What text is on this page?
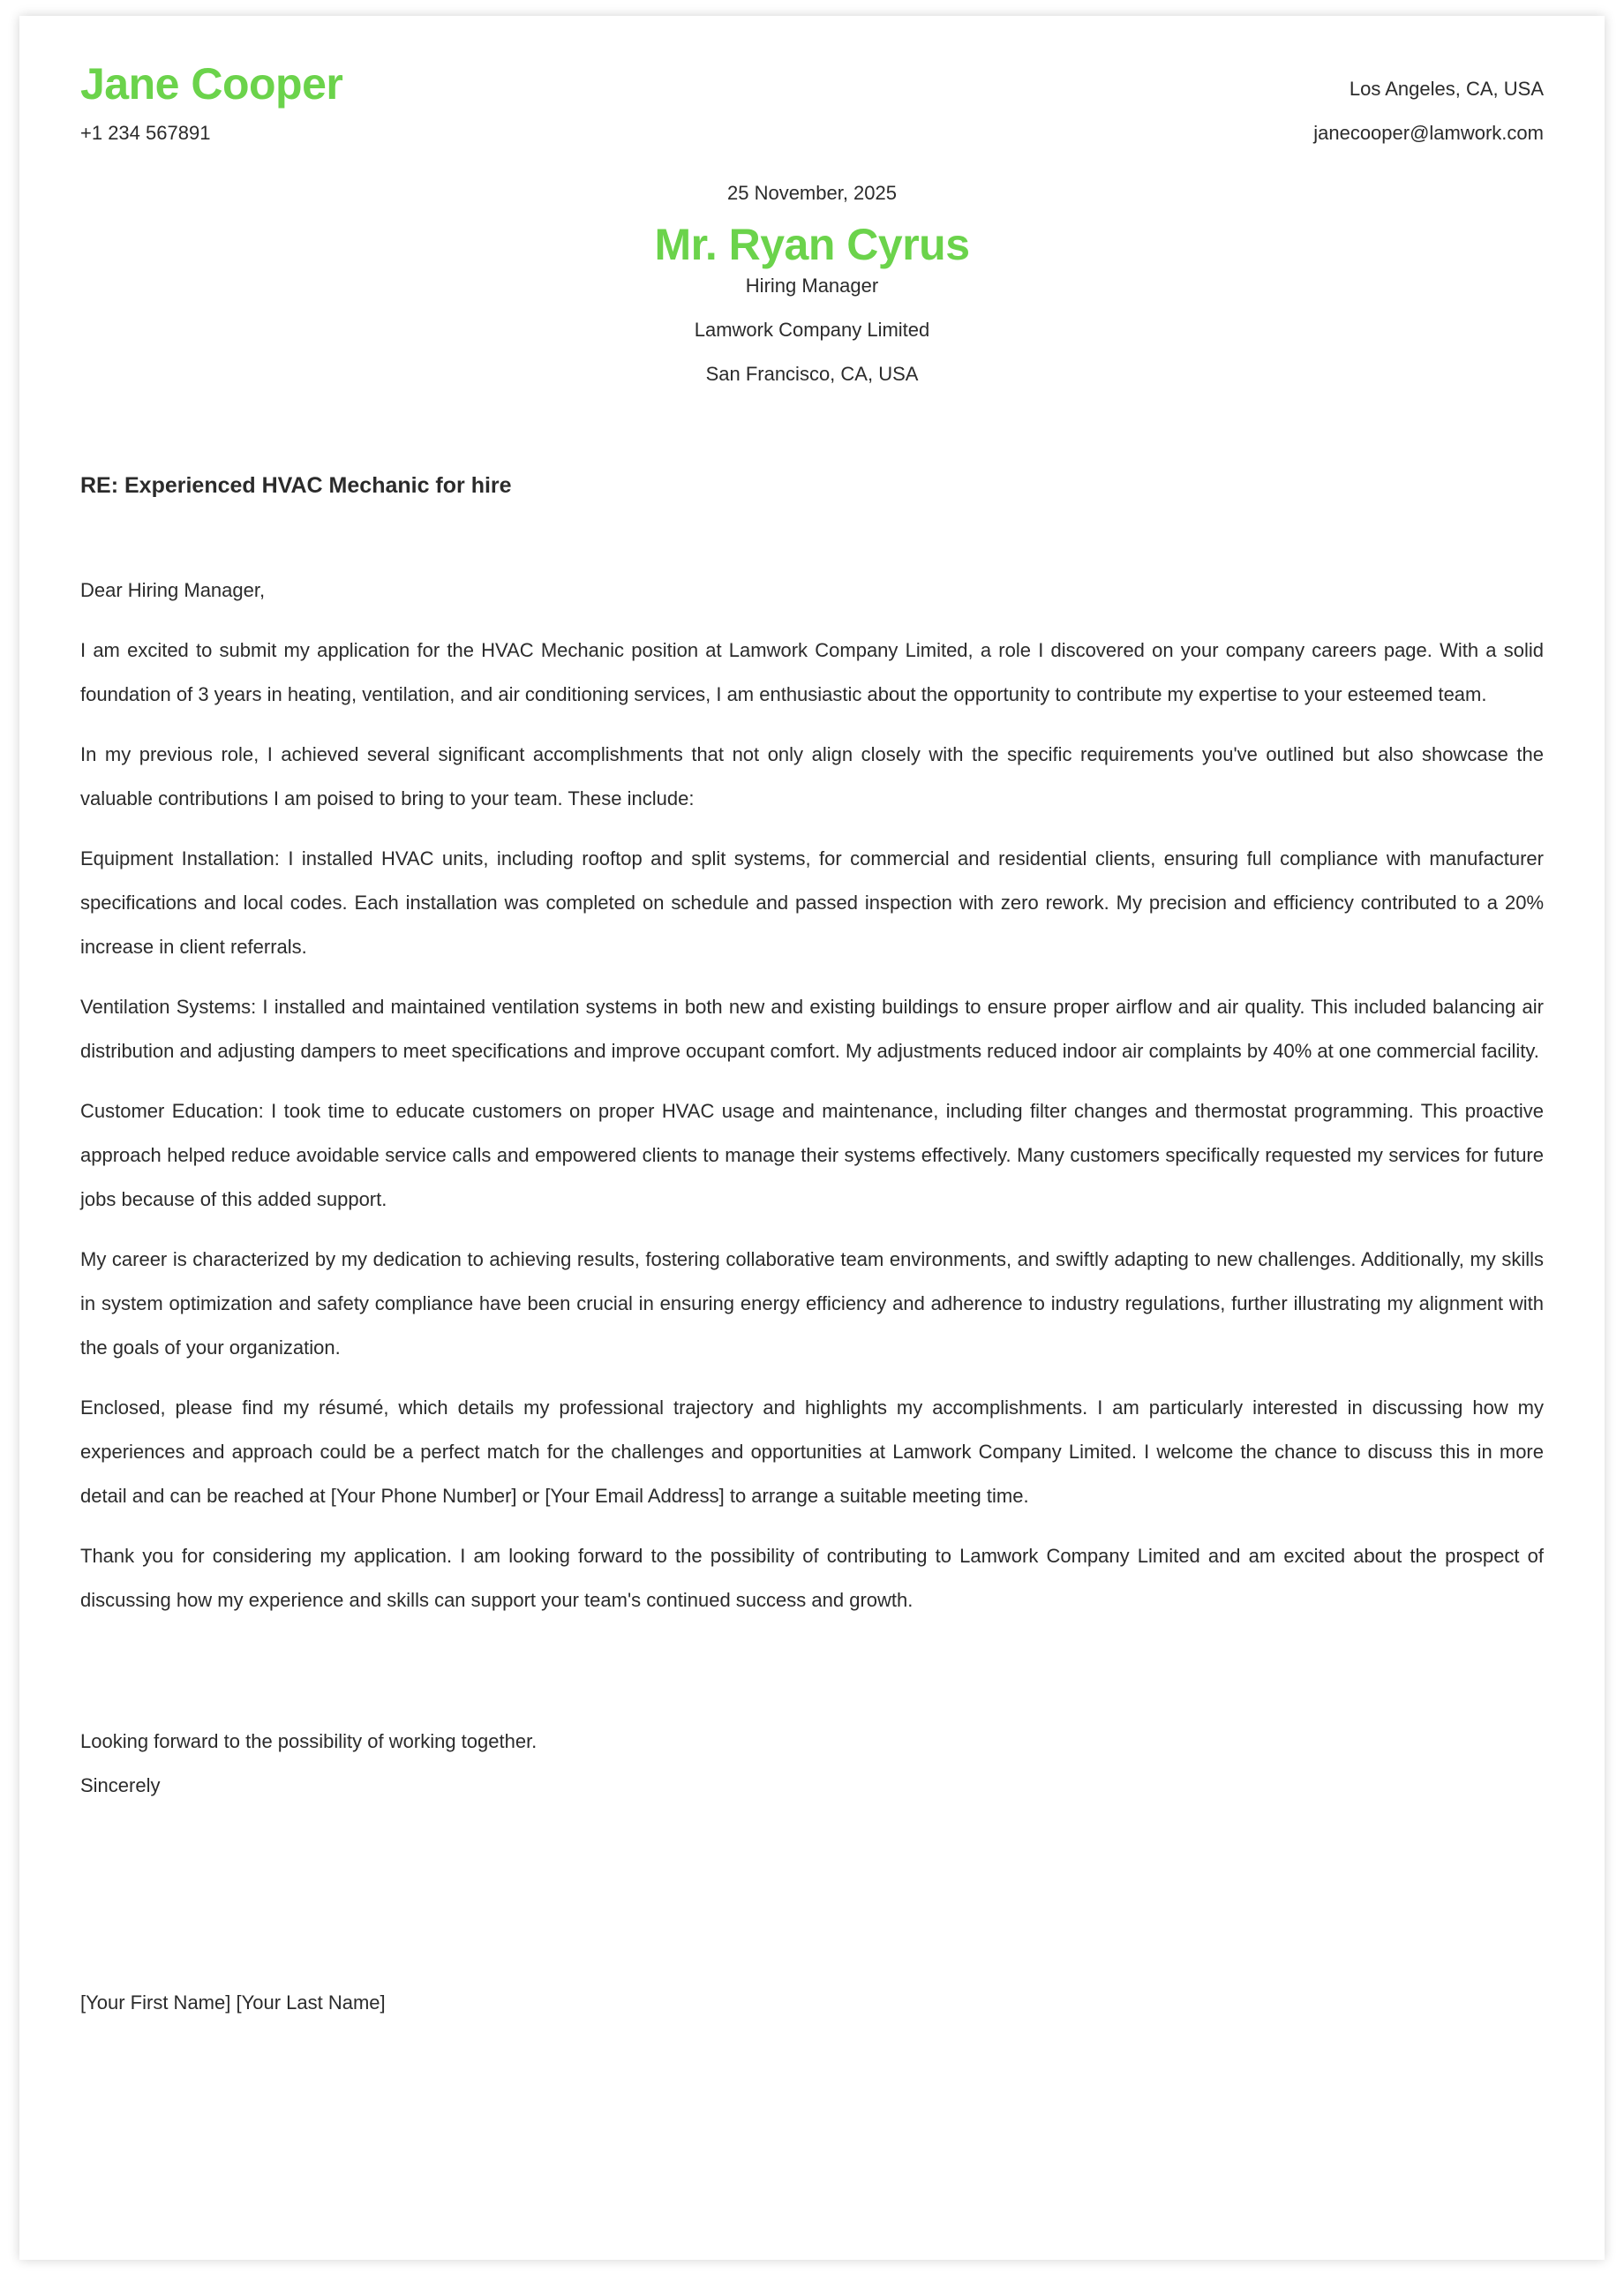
Jane Cooper
+1 234 567891
Los Angeles, CA, USA
janecooper@lamwork.com
25 November, 2025
Mr. Ryan Cyrus
Hiring Manager
Lamwork Company Limited
San Francisco, CA, USA
RE: Experienced HVAC Mechanic for hire

Dear Hiring Manager,

I am excited to submit my application for the HVAC Mechanic position at Lamwork Company Limited, a role I discovered on your company careers page. With a solid foundation of 3 years in heating, ventilation, and air conditioning services, I am enthusiastic about the opportunity to contribute my expertise to your esteemed team.

In my previous role, I achieved several significant accomplishments that not only align closely with the specific requirements you've outlined but also showcase the valuable contributions I am poised to bring to your team. These include:

Equipment Installation: I installed HVAC units, including rooftop and split systems, for commercial and residential clients, ensuring full compliance with manufacturer specifications and local codes. Each installation was completed on schedule and passed inspection with zero rework. My precision and efficiency contributed to a 20% increase in client referrals.

Ventilation Systems: I installed and maintained ventilation systems in both new and existing buildings to ensure proper airflow and air quality. This included balancing air distribution and adjusting dampers to meet specifications and improve occupant comfort. My adjustments reduced indoor air complaints by 40% at one commercial facility.

Customer Education: I took time to educate customers on proper HVAC usage and maintenance, including filter changes and thermostat programming. This proactive approach helped reduce avoidable service calls and empowered clients to manage their systems effectively. Many customers specifically requested my services for future jobs because of this added support.

My career is characterized by my dedication to achieving results, fostering collaborative team environments, and swiftly adapting to new challenges. Additionally, my skills in system optimization and safety compliance have been crucial in ensuring energy efficiency and adherence to industry regulations, further illustrating my alignment with the goals of your organization.

Enclosed, please find my résumé, which details my professional trajectory and highlights my accomplishments. I am particularly interested in discussing how my experiences and approach could be a perfect match for the challenges and opportunities at Lamwork Company Limited. I welcome the chance to discuss this in more detail and can be reached at [Your Phone Number] or [Your Email Address] to arrange a suitable meeting time.

Thank you for considering my application. I am looking forward to the possibility of contributing to Lamwork Company Limited and am excited about the prospect of discussing how my experience and skills can support your team's continued success and growth.

Looking forward to the possibility of working together.
Sincerely
[Your First Name] [Your Last Name]
